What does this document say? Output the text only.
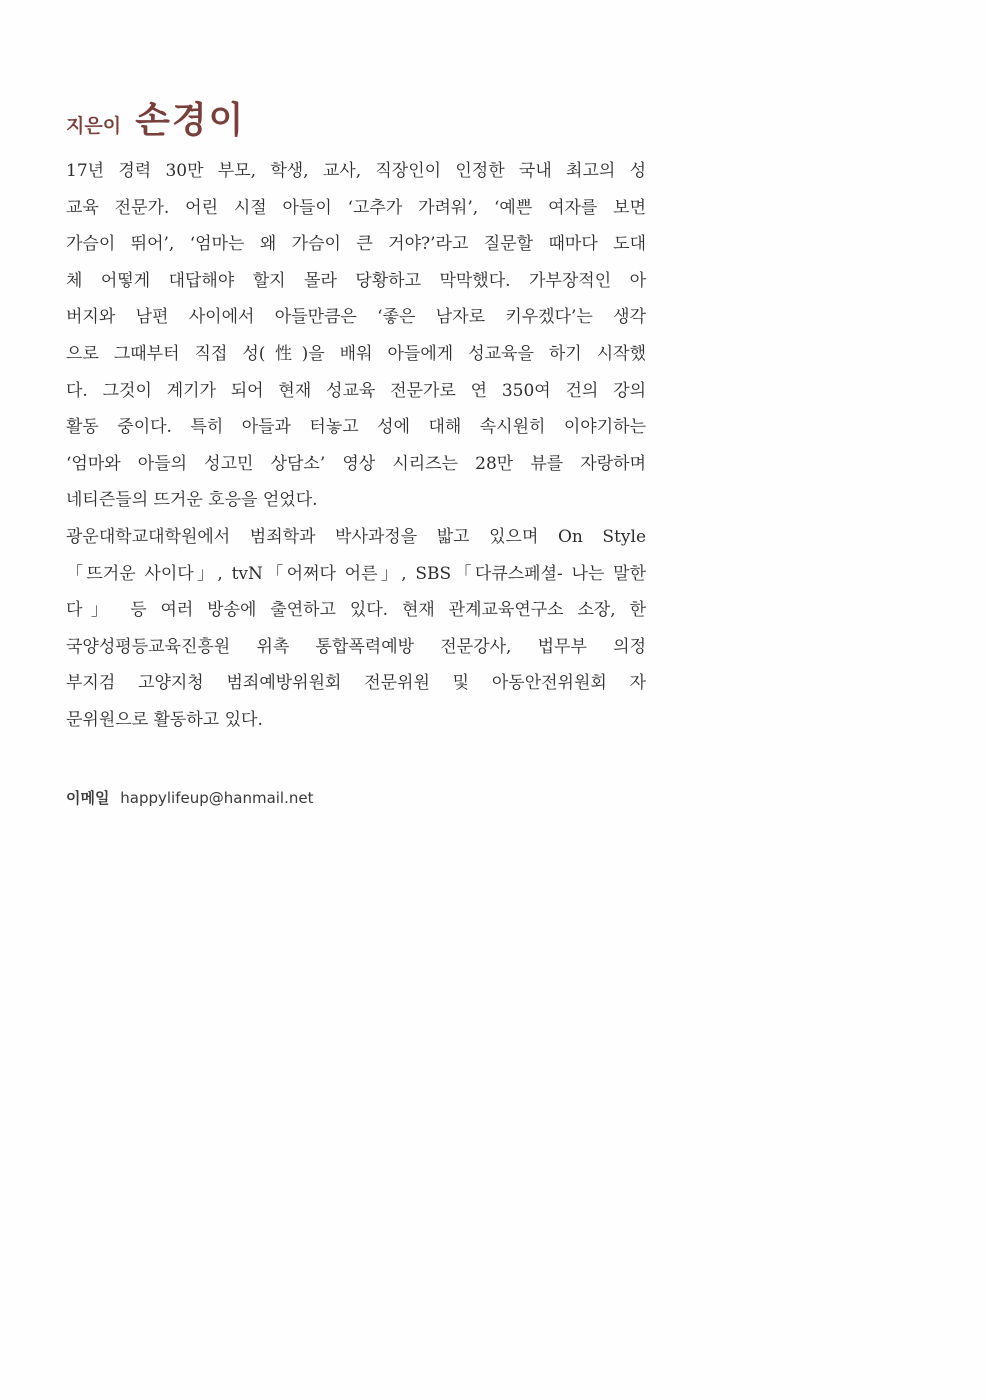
지은이 손경이
17년 경력 30만 부모, 학생, 교사, 직장인이 인정한 국내 최고의 성
교육 전문가. 어린 시절 아들이 ‘고추가 가려워’, ‘예쁜 여자를 보면
가슴이 뛰어’, ‘엄마는 왜 가슴이 큰 거야?’라고 질문할 때마다 도대
체 어떻게 대답해야 할지 몰라 당황하고 막막했다. 가부장적인 아
버지와 남편 사이에서 아들만큼은 ‘좋은 남자로 키우겠다’는 생각
으로 그때부터 직접 성(性)을 배워 아들에게 성교육을 하기 시작했
다. 그것이 계기가 되어 현재 성교육 전문가로 연 350여 건의 강의
활동 중이다. 특히 아들과 터놓고 성에 대해 속시원히 이야기하는
‘엄마와 아들의 성고민 상담소’ 영상 시리즈는 28만 뷰를 자랑하며
네티즌들의 뜨거운 호응을 얻었다.
광운대학교대학원에서 범죄학과 박사과정을 밟고 있으며 On Style
「뜨거운 사이다」, tvN「어쩌다 어른」, SBS「다큐스페셜- 나는 말한
다」 등 여러 방송에 출연하고 있다. 현재 관계교육연구소 소장, 한
국양성평등교육진흥원 위촉 통합폭력예방 전문강사, 법무부 의정
부지검 고양지청 범죄예방위원회 전문위원 및 아동안전위원회 자
문위원으로 활동하고 있다.
이메일 happylifeup@hanmail.net
